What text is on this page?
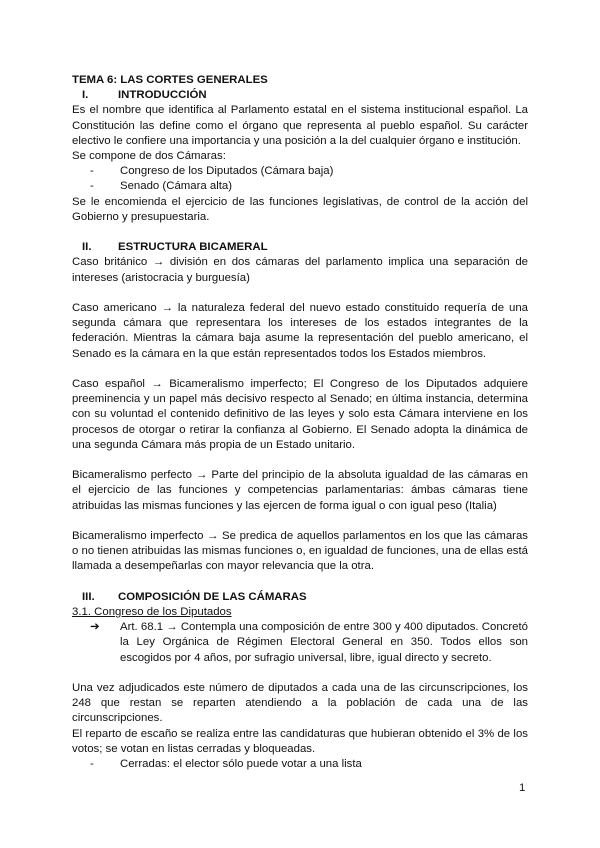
TEMA 6: LAS CORTES GENERALES

I.	INTRODUCCIÓN

Es el nombre que identifica al Parlamento estatal en el sistema institucional español. La Constitución las define como el órgano que representa al pueblo español. Su carácter electivo le confiere una importancia y una posición a la del cualquier órgano e institución.

Se compone de dos Cámaras:

- Congreso de los Diputados (Cámara baja)
- Senado (Cámara alta)

Se le encomienda el ejercicio de las funciones legislativas, de control de la acción del Gobierno y presupuestaria.

II. ESTRUCTURA BICAMERAL

Caso británico → división en dos cámaras del parlamento implica una separación de intereses (aristocracia y burguesía)

Caso americano → la naturaleza federal del nuevo estado constituido requería de una segunda cámara que representara los intereses de los estados integrantes de la federación. Mientras la cámara baja asume la representación del pueblo americano, el Senado es la cámara en la que están representados todos los Estados miembros.

Caso español → Bicameralismo imperfecto; El Congreso de los Diputados adquiere preeminencia y un papel más decisivo respecto al Senado; en última instancia, determina con su voluntad el contenido definitivo de las leyes y solo esta Cámara interviene en los procesos de otorgar o retirar la confianza al Gobierno. El Senado adopta la dinámica de una segunda Cámara más propia de un Estado unitario.

Bicameralismo perfecto → Parte del principio de la absoluta igualdad de las cámaras en el ejercicio de las funciones y competencias parlamentarias: ámbas cámaras tiene atribuidas las mismas funciones y las ejercen de forma igual o con igual peso (Italia)

Bicameralismo imperfecto → Se predica de aquellos parlamentos en los que las cámaras o no tienen atribuidas las mismas funciones o, en igualdad de funciones, una de ellas está llamada a desempeñarlas con mayor relevancia que la otra.

III. COMPOSICIÓN DE LAS CÁMARAS

3.1. Congreso de los Diputados

➔ Art. 68.1 → Contempla una composición de entre 300 y 400 diputados. Concretó la Ley Orgánica de Régimen Electoral General en 350. Todos ellos son escogidos por 4 años, por sufragio universal, libre, igual directo y secreto.

Una vez adjudicados este número de diputados a cada una de las circunscripciones, los 248 que restan se reparten atendiendo a la población de cada una de las circunscripciones.

El reparto de escaño se realiza entre las candidaturas que hubieran obtenido el 3% de los votos; se votan en listas cerradas y bloqueadas.

- Cerradas: el elector sólo puede votar a una lista
1
